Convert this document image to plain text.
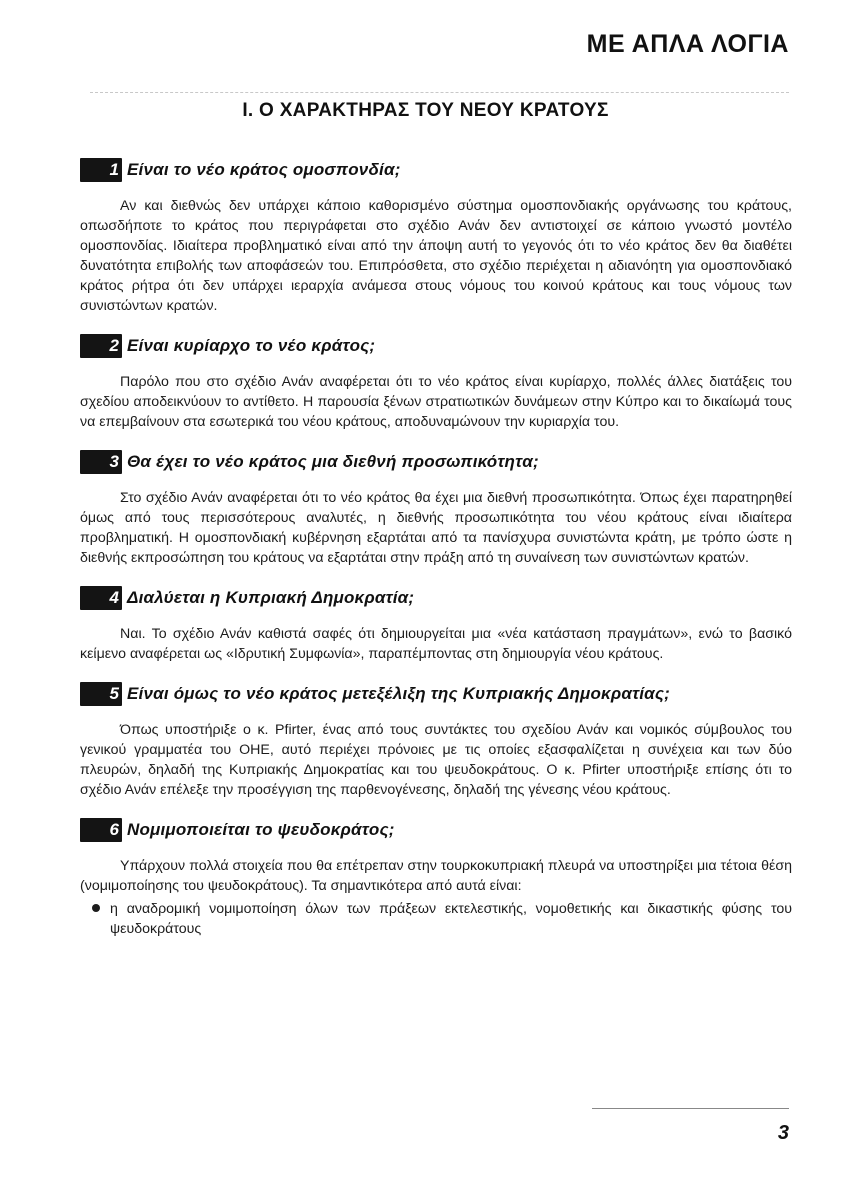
ΜΕ ΑΠΛΑ ΛΟΓΙΑ
I. Ο ΧΑΡΑΚΤΗΡΑΣ ΤΟΥ ΝΕΟΥ ΚΡΑΤΟΥΣ
1 Είναι το νέο κράτος ομοσπονδία;

Αν και διεθνώς δεν υπάρχει κάποιο καθορισμένο σύστημα ομοσπονδιακής οργάνωσης του κράτους, οπωσδήποτε το κράτος που περιγράφεται στο σχέδιο Ανάν δεν αντιστοιχεί σε κάποιο γνωστό μοντέλο ομοσπονδίας. Ιδιαίτερα προβληματικό είναι από την άποψη αυτή το γεγονός ότι το νέο κράτος δεν θα διαθέτει δυνατότητα επιβολής των αποφάσεών του. Επιπρόσθετα, στο σχέδιο περιέχεται η αδιανόητη για ομοσπονδιακό κράτος ρήτρα ότι δεν υπάρχει ιεραρχία ανάμεσα στους νόμους του κοινού κράτους και τους νόμους των συνιστώντων κρατών.

2 Είναι κυρίαρχο το νέο κράτος;

Παρόλο που στο σχέδιο Ανάν αναφέρεται ότι το νέο κράτος είναι κυρίαρχο, πολλές άλλες διατάξεις του σχεδίου αποδεικνύουν το αντίθετο. Η παρουσία ξένων στρατιωτικών δυνάμεων στην Κύπρο και το δικαίωμά τους να επεμβαίνουν στα εσωτερικά του νέου κράτους, αποδυναμώνουν την κυριαρχία του.

3 Θα έχει το νέο κράτος μια διεθνή προσωπικότητα;

Στο σχέδιο Ανάν αναφέρεται ότι το νέο κράτος θα έχει μια διεθνή προσωπικότητα. Όπως έχει παρατηρηθεί όμως από τους περισσότερους αναλυτές, η διεθνής προσωπικότητα του νέου κράτους είναι ιδιαίτερα προβληματική. Η ομοσπονδιακή κυβέρνηση εξαρτάται από τα πανίσχυρα συνιστώντα κράτη, με τρόπο ώστε η διεθνής εκπροσώπηση του κράτους να εξαρτάται στην πράξη από τη συναίνεση των συνιστώντων κρατών.

4 Διαλύεται η Κυπριακή Δημοκρατία;

Ναι. Το σχέδιο Ανάν καθιστά σαφές ότι δημιουργείται μια «νέα κατάσταση πραγμάτων», ενώ το βασικό κείμενο αναφέρεται ως «Ιδρυτική Συμφωνία», παραπέμποντας στη δημιουργία νέου κράτους.

5 Είναι όμως το νέο κράτος μετεξέλιξη της Κυπριακής Δημοκρατίας;

Όπως υποστήριξε ο κ. Pfirter, ένας από τους συντάκτες του σχεδίου Ανάν και νομικός σύμβουλος του γενικού γραμματέα του ΟΗΕ, αυτό περιέχει πρόνοιες με τις οποίες εξασφαλίζεται η συνέχεια και των δύο πλευρών, δηλαδή της Κυπριακής Δημοκρατίας και του ψευδοκράτους. Ο κ. Pfirter υποστήριξε επίσης ότι το σχέδιο Ανάν επέλεξε την προσέγγιση της παρθενογένεσης, δηλαδή της γένεσης νέου κράτους.

6 Νομιμοποιείται το ψευδοκράτος;

Υπάρχουν πολλά στοιχεία που θα επέτρεπαν στην τουρκοκυπριακή πλευρά να υποστηρίξει μια τέτοια θέση (νομιμοποίησης του ψευδοκράτους). Τα σημαντικότερα από αυτά είναι:

η αναδρομική νομιμοποίηση όλων των πράξεων εκτελεστικής, νομοθετικής και δικαστικής φύσης του ψευδοκράτους
3
